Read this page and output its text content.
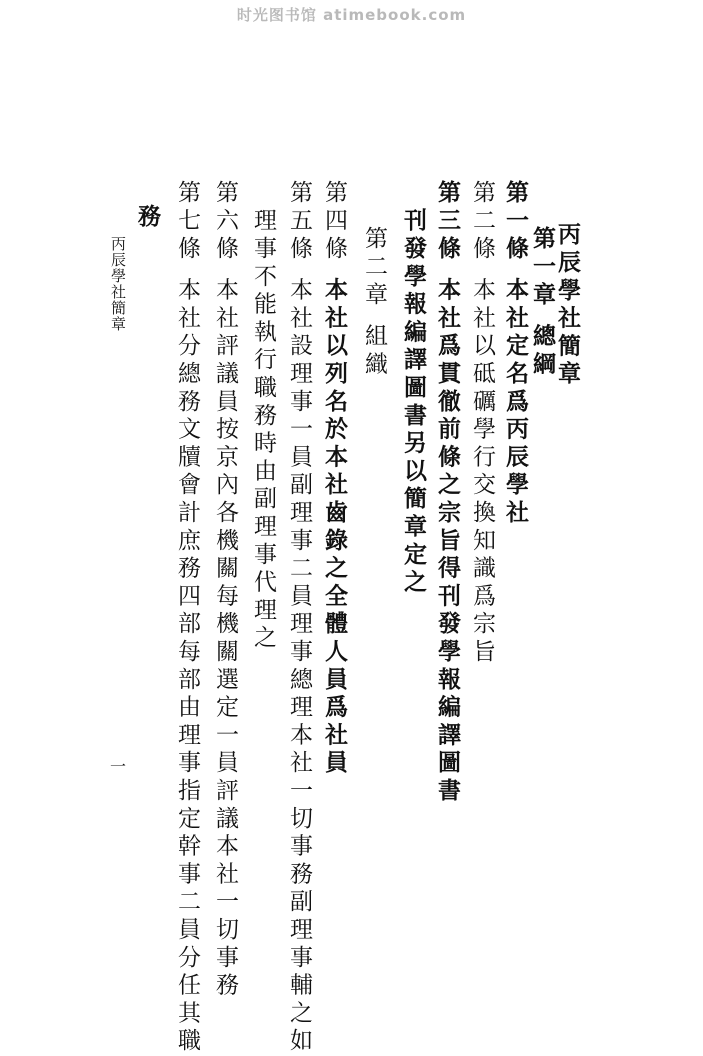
时光图书馆 atimebook.com
丙辰學社簡章
第一章總綱
第一條本社定名爲丙辰學社
第二條本社以砥礪學行交換知識爲宗旨
第三條本社爲貫徹前條之宗旨得刊發學報編譯圖書
刊發學報編譯圖書另以簡章定之
第二章組織
第四條本社以列名於本社齒錄之全體人員爲社員
第五條本社設理事一員副理事二員理事總理本社一切事務副理事輔之如
理事不能執行職務時由副理事代理之
第六條本社評議員按京內各機關每機關選定一員評議本社一切事務
第七條本社分總務文牘會計庶務四部每部由理事指定幹事二員分任其職
務
丙辰學社簡章
一
